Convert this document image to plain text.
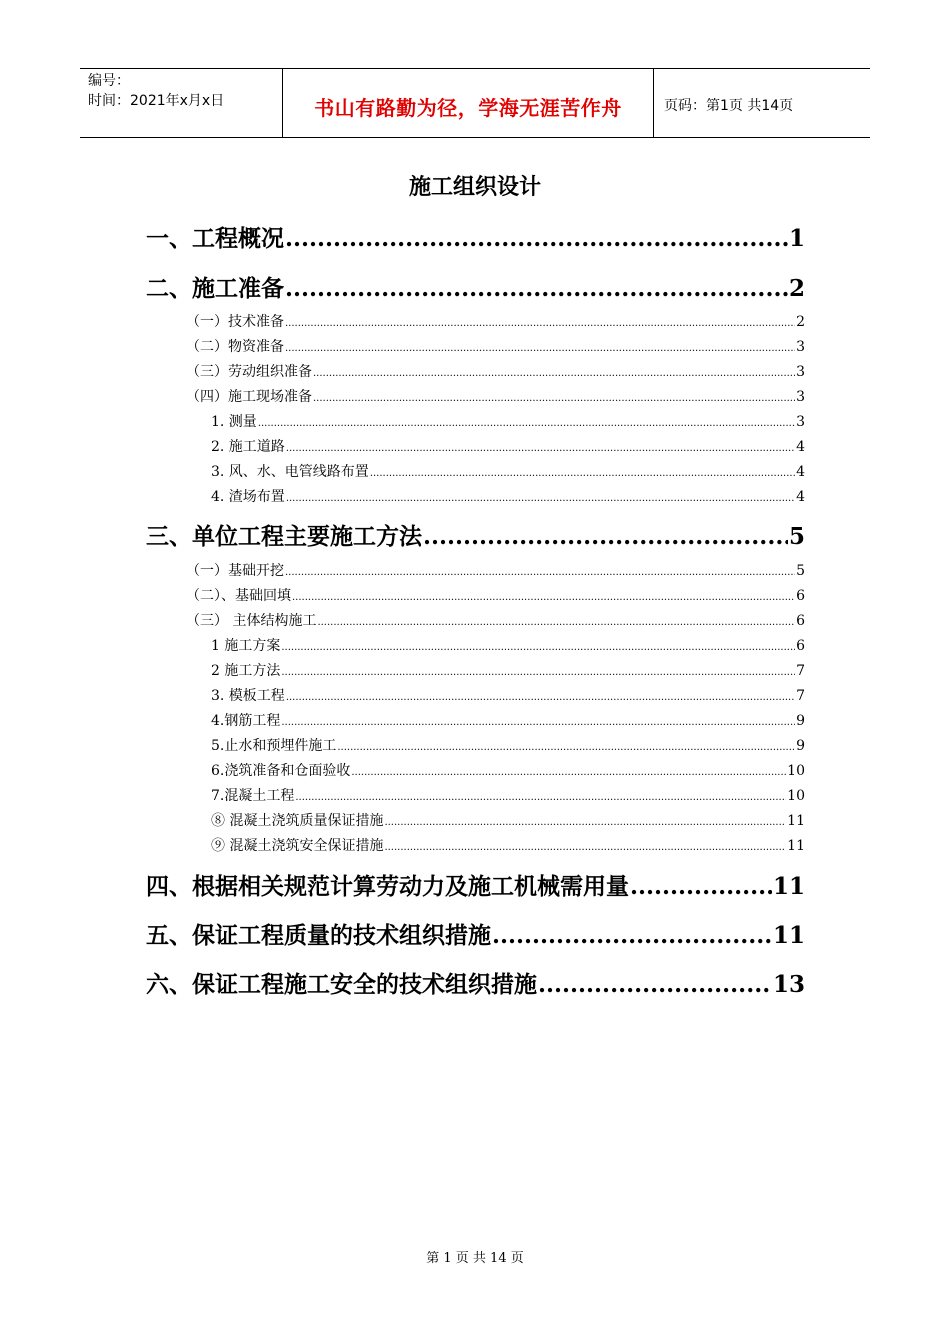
编号：
时间：2021年x月x日	书山有路勤为径，学海无涯苦作舟	页码：第1页 共14页
施工组织设计
一、工程概况 .....	1
二、施工准备 .....	2
（一）技术准备 .....	2
（二）物资准备 .....	3
（三）劳动组织准备 .....	3
（四）施工现场准备 .....	3
1. 测量 .....	3
2. 施工道路 .....	4
3. 风、水、电管线路布置 .....	4
4. 渣场布置 .....	4
三、单位工程主要施工方法 .....	5
（一）基础开挖 .....	5
（二）、基础回填 .....	6
（三） 主体结构施工 .....	6
1 施工方案 .....	6
2 施工方法 .....	7
3. 模板工程 .....	7
4.钢筋工程 .....	9
5.止水和预埋件施工 .....	9
6.浇筑准备和仓面验收 .....	10
7.混凝土工程 .....	10
⑧ 混凝土浇筑质量保证措施 .....	11
⑨ 混凝土浇筑安全保证措施 .....	11
四、根据相关规范计算劳动力及施工机械需用量 .....	11
五、保证工程质量的技术组织措施 .....	11
六、保证工程施工安全的技术组织措施 .....	13
第 1 页 共 14 页
